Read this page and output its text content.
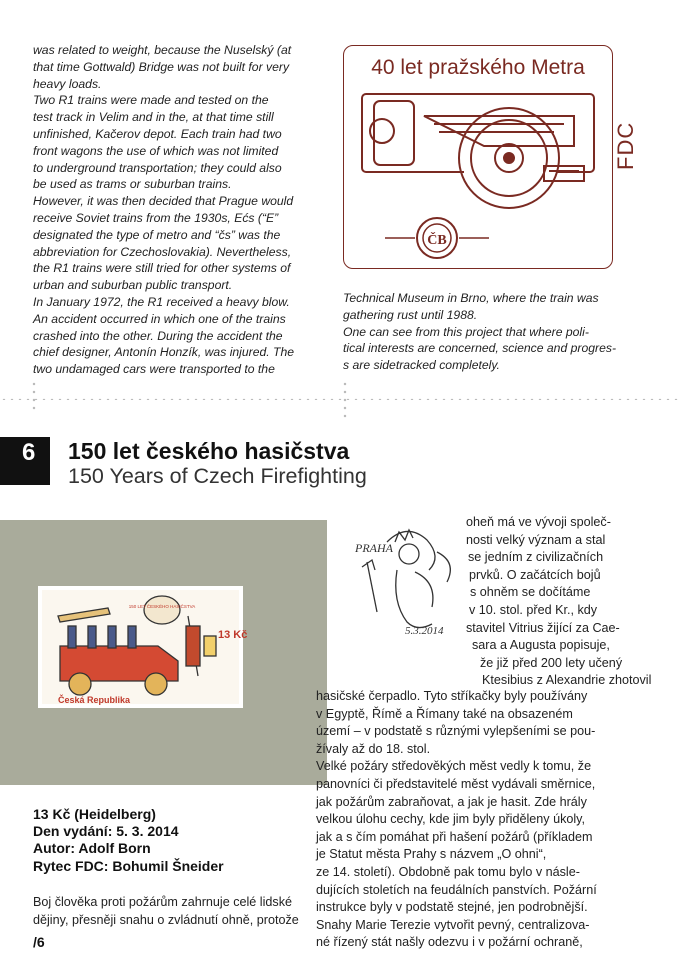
was related to weight, because the Nuselský (at
that time Gottwald) Bridge was not built for very
heavy loads.
Two R1 trains were made and tested on the
test track in Velim and in the, at that time still
unfinished, Kačerov depot. Each train had two
front wagons the use of which was not limited
to underground transportation; they could also
be used as trams or suburban trains.
However, it was then decided that Prague would
receive Soviet trains from the 1930s, Ećs (“E”
designated the type of metro and “čs” was the
abbreviation for Czechoslovakia). Nevertheless,
the R1 trains were still tried for other systems of
urban and suburban public transport.
In January 1972, the R1 received a heavy blow.
An accident occurred in which one of the trains
crashed into the other. During the accident the
chief designer, Antonín Honzík, was injured. The
two undamaged cars were transported to the

40 let pražského Metra
ČB
FDC

Technical Museum in Brno, where the train was
gathering rust until 1988.
One can see from this project that where poli-
tical interests are concerned, science and progres-
s are sidetracked completely.

6 150 let českého hasičstva
150 Years of Czech Firefighting
Česká Republika
13 Kč
150 LET ČESKÉHO HASIČSTVA
PRAHA
5.3.2014
oheň má ve vývoji společ-
nosti velký význam a stal
se jedním z civilizačních
prvků. O začátcích bojů
s ohněm se dočítáme
v 10. stol. před Kr., kdy
stavitel Vitrius žijící za Cae-
sara a Augusta popisuje,
že již před 200 lety učený
Ktesibius z Alexandrie zhotovil
13 Kč (Heidelberg)
Den vydání: 5. 3. 2014
Autor: Adolf Born
Rytec FDC: Bohumil Šneider
Boj člověka proti požárům zahrnuje celé lidské
dějiny, přesněji snahu o zvládnutí ohně, protože
hasičské čerpadlo. Tyto stříkačky byly používány
v Egyptě, Římě a Římany také na obsazeném
území – v podstatě s různými vylepšeními se pou-
žívaly až do 18. stol.
Velké požáry středověkých měst vedly k tomu, že
panovníci či představitelé měst vydávali směrnice,
jak požárům zabraňovat, a jak je hasit. Zde hrály
velkou úlohu cechy, kde jim byly přiděleny úkoly,
jak a s čím pomáhat při hašení požárů (příkladem
je Statut města Prahy s názvem „O ohni“,
ze 14. století). Obdobně pak tomu bylo v násle-
dujících stoletích na feudálních panstvích. Požární
instrukce byly v podstatě stejné, jen podrobnější.
Snahy Marie Terezie vytvořit pevný, centralizova-
né řízený stát našly odezvu i v požární ochraně,
/6
